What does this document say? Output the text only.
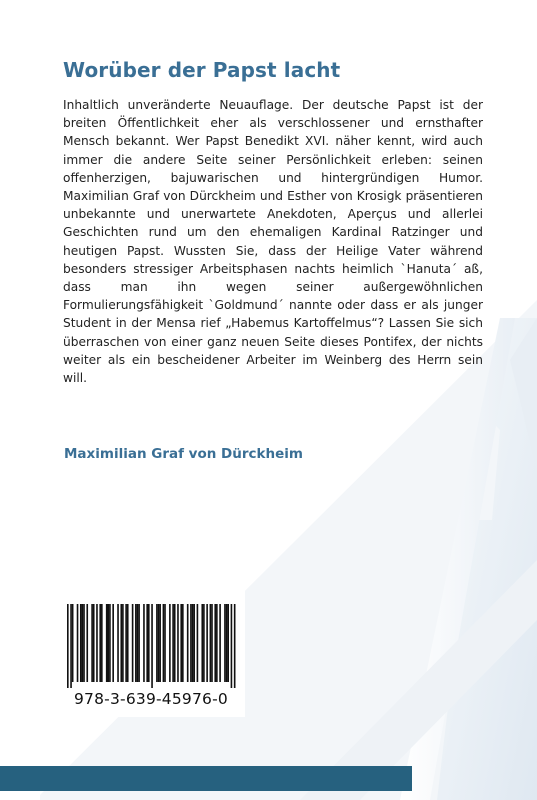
Worüber der Papst lacht

Inhaltlich unveränderte Neuauflage. Der deutsche Papst ist der breiten Öffentlichkeit eher als verschlossener und ernsthafter Mensch bekannt. Wer Papst Benedikt XVI. näher kennt, wird auch immer die andere Seite seiner Persönlichkeit erleben: seinen offenherzigen, bajuwarischen und hintergründigen Humor. Maximilian Graf von Dürckheim und Esther von Krosigk präsentieren unbekannte und unerwartete Anekdoten, Aperçus und allerlei Geschichten rund um den ehemaligen Kardinal Ratzinger und heutigen Papst. Wussten Sie, dass der Heilige Vater während besonders stressiger Arbeitsphasen nachts heimlich `Hanuta´ aß, dass man ihn wegen seiner außergewöhnlichen Formulierungsfähigkeit `Goldmund´ nannte oder dass er als junger Student in der Mensa rief „Habemus Kartoffelmus“? Lassen Sie sich überraschen von einer ganz neuen Seite dieses Pontifex, der nichts weiter als ein bescheidener Arbeiter im Weinberg des Herrn sein will.

Maximilian Graf von Dürckheim
978-3-639-45976-0
